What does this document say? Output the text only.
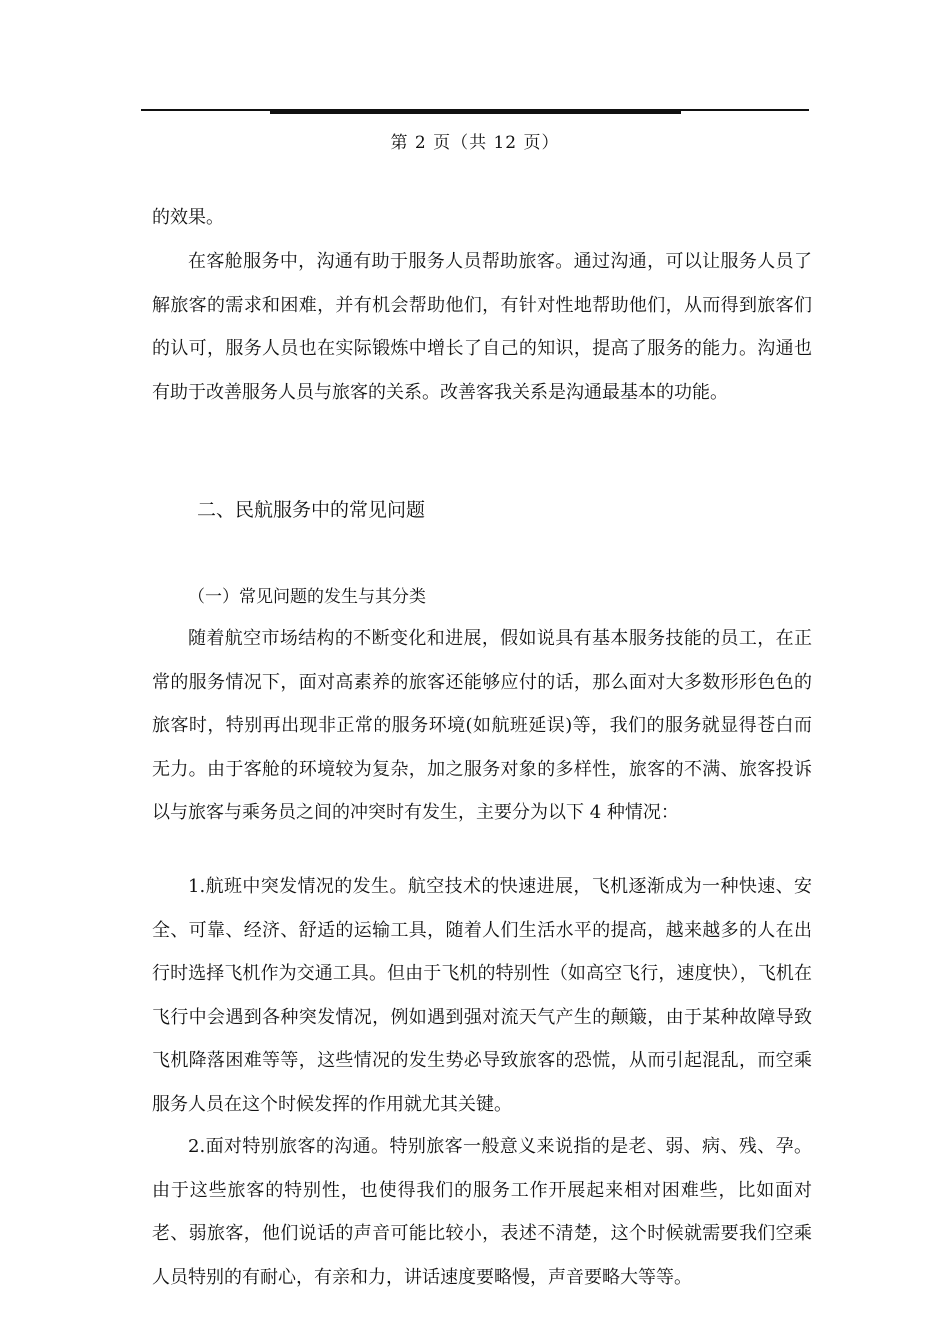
第 2 页（共 12 页）

的效果。

在客舱服务中，沟通有助于服务人员帮助旅客。通过沟通，可以让服务人员了解旅客的需求和困难，并有机会帮助他们，有针对性地帮助他们，从而得到旅客们的认可，服务人员也在实际锻炼中增长了自己的知识，提高了服务的能力。沟通也有助于改善服务人员与旅客的关系。改善客我关系是沟通最基本的功能。

二、民航服务中的常见问题
（一）常见问题的发生与其分类

随着航空市场结构的不断变化和进展，假如说具有基本服务技能的员工，在正常的服务情况下，面对高素养的旅客还能够应付的话，那么面对大多数形形色色的旅客时，特别再出现非正常的服务环境(如航班延误)等，我们的服务就显得苍白而无力。由于客舱的环境较为复杂，加之服务对象的多样性，旅客的不满、旅客投诉以与旅客与乘务员之间的冲突时有发生，主要分为以下 4 种情况：

1.航班中突发情况的发生。航空技术的快速进展，飞机逐渐成为一种快速、安全、可靠、经济、舒适的运输工具，随着人们生活水平的提高，越来越多的人在出行时选择飞机作为交通工具。但由于飞机的特别性（如高空飞行，速度快），飞机在飞行中会遇到各种突发情况，例如遇到强对流天气产生的颠簸，由于某种故障导致飞机降落困难等等，这些情况的发生势必导致旅客的恐慌，从而引起混乱，而空乘服务人员在这个时候发挥的作用就尤其关键。

2.面对特别旅客的沟通。特别旅客一般意义来说指的是老、弱、病、残、孕。由于这些旅客的特别性，也使得我们的服务工作开展起来相对困难些，比如面对老、弱旅客，他们说话的声音可能比较小，表述不清楚，这个时候就需要我们空乘人员特别的有耐心，有亲和力，讲话速度要略慢，声音要略大等等。
